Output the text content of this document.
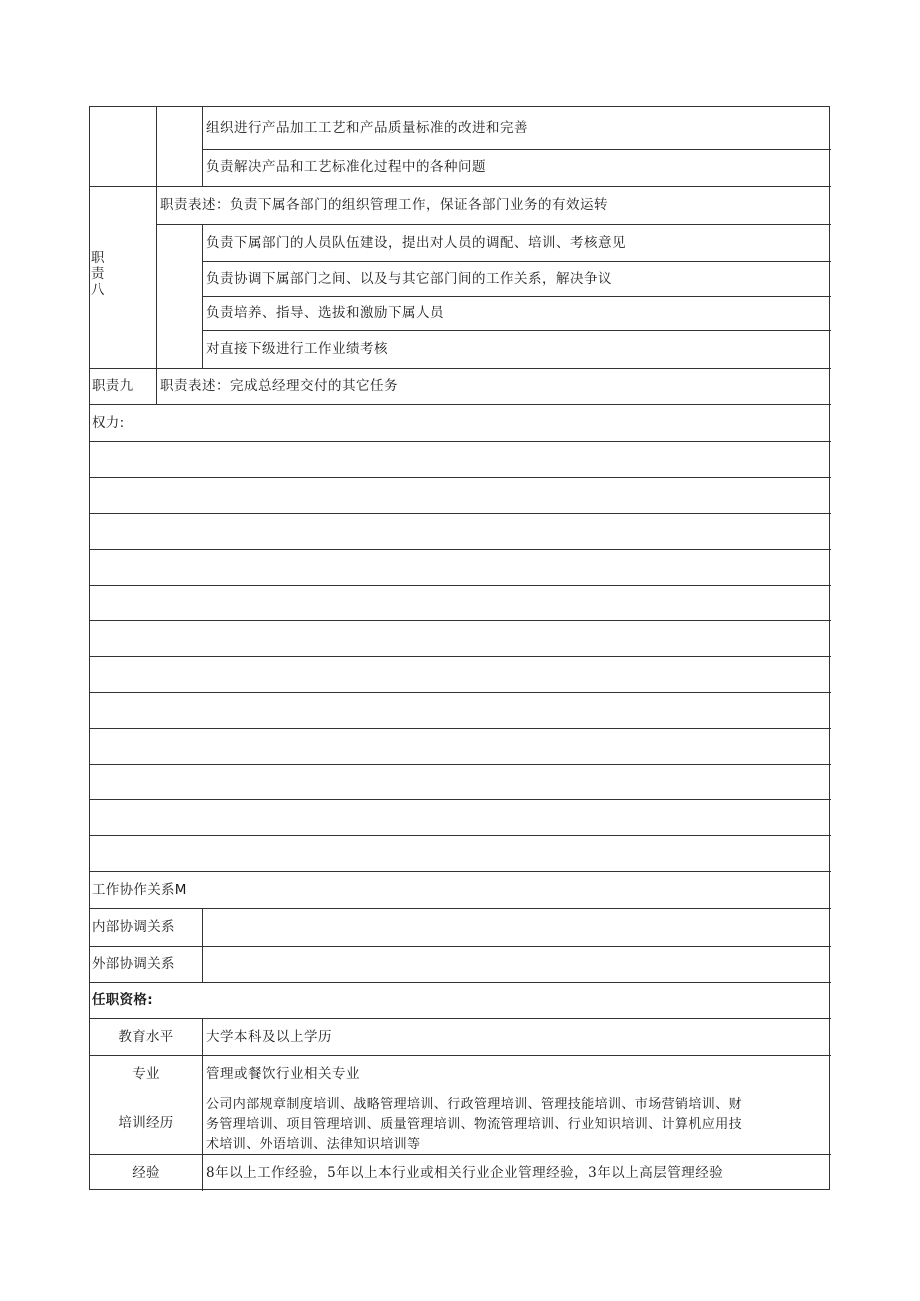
组织进行产品加工工艺和产品质量标准的改进和完善
负责解决产品和工艺标准化过程中的各种问题
职
责
八
职责表述：负责下属各部门的组织管理工作，保证各部门业务的有效运转
负责下属部门的人员队伍建设，提出对人员的调配、培训、考核意见
负责协调下属部门之间、以及与其它部门间的工作关系，解决争议
负责培养、指导、选拔和激励下属人员
对直接下级进行工作业绩考核
职责九 职责表述：完成总经理交付的其它任务
权力:
工作协作关系M
内部协调关系
外部协调关系
任职资格:
教育水平	大学本科及以上学历
专业	管理或餐饮行业相关专业
培训经历
公司内部规章制度培训、战略管理培训、行政管理培训、管理技能培训、市场营销培训、财
务管理培训、项目管理培训、质量管理培训、物流管理培训、行业知识培训、计算机应用技
术培训、外语培训、法律知识培训等
经验	8年以上工作经验，5年以上本行业或相关行业企业管理经验，3年以上高层管理经验
